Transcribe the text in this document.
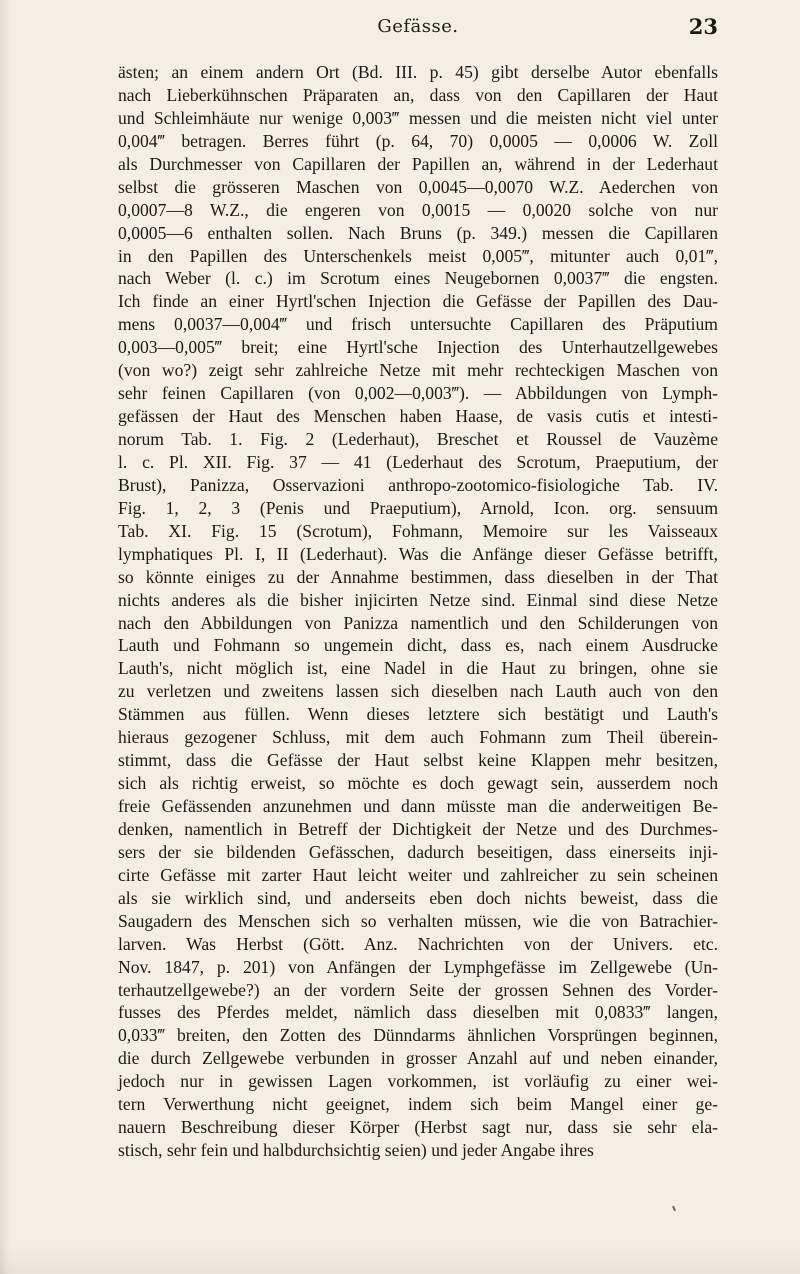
Gefässe.	23
ästen; an einem andern Ort (Bd. III. p. 45) gibt derselbe Autor ebenfalls
nach Lieberkühnschen Präparaten an, dass von den Capillaren der Haut
und Schleimhäute nur wenige 0,003‴ messen und die meisten nicht viel unter
0,004‴ betragen. Berres führt (p. 64, 70) 0,0005 — 0,0006 W. Zoll
als Durchmesser von Capillaren der Papillen an, während in der Lederhaut
selbst die grösseren Maschen von 0,0045—0,0070 W.Z. Aederchen von
0,0007—8 W.Z., die engeren von 0,0015 — 0,0020 solche von nur
0,0005—6 enthalten sollen. Nach Bruns (p. 349.) messen die Capillaren
in den Papillen des Unterschenkels meist 0,005‴, mitunter auch 0,01‴,
nach Weber (l. c.) im Scrotum eines Neugebornen 0,0037‴ die engsten.
Ich finde an einer Hyrtl'schen Injection die Gefässe der Papillen des Dau-
mens 0,0037—0,004‴ und frisch untersuchte Capillaren des Präputium
0,003—0,005‴ breit; eine Hyrtl'sche Injection des Unterhautzellgewebes
(von wo?) zeigt sehr zahlreiche Netze mit mehr rechteckigen Maschen von
sehr feinen Capillaren (von 0,002—0,003‴). — Abbildungen von Lymph-
gefässen der Haut des Menschen haben Haase, de vasis cutis et intesti-
norum Tab. 1. Fig. 2 (Lederhaut), Breschet et Roussel de Vauzème
l. c. Pl. XII. Fig. 37 — 41 (Lederhaut des Scrotum, Praeputium, der
Brust), Panizza, Osservazioni anthropo-zootomico-fisiologiche Tab. IV.
Fig. 1, 2, 3 (Penis und Praeputium), Arnold, Icon. org. sensuum
Tab. XI. Fig. 15 (Scrotum), Fohmann, Memoire sur les Vaisseaux
lymphatiques Pl. I, II (Lederhaut). Was die Anfänge dieser Gefässe betrifft,
so könnte einiges zu der Annahme bestimmen, dass dieselben in der That
nichts anderes als die bisher injicirten Netze sind. Einmal sind diese Netze
nach den Abbildungen von Panizza namentlich und den Schilderungen von
Lauth und Fohmann so ungemein dicht, dass es, nach einem Ausdrucke
Lauth's, nicht möglich ist, eine Nadel in die Haut zu bringen, ohne sie
zu verletzen und zweitens lassen sich dieselben nach Lauth auch von den
Stämmen aus füllen. Wenn dieses letztere sich bestätigt und Lauth's
hieraus gezogener Schluss, mit dem auch Fohmann zum Theil überein-
stimmt, dass die Gefässe der Haut selbst keine Klappen mehr besitzen,
sich als richtig erweist, so möchte es doch gewagt sein, ausserdem noch
freie Gefässenden anzunehmen und dann müsste man die anderweitigen Be-
denken, namentlich in Betreff der Dichtigkeit der Netze und des Durchmes-
sers der sie bildenden Gefässchen, dadurch beseitigen, dass einerseits inji-
cirte Gefässe mit zarter Haut leicht weiter und zahlreicher zu sein scheinen
als sie wirklich sind, und anderseits eben doch nichts beweist, dass die
Saugadern des Menschen sich so verhalten müssen, wie die von Batrachier-
larven. Was Herbst (Gött. Anz. Nachrichten von der Univers. etc.
Nov. 1847, p. 201) von Anfängen der Lymphgefässe im Zellgewebe (Un-
terhautzellgewebe?) an der vordern Seite der grossen Sehnen des Vorder-
fusses des Pferdes meldet, nämlich dass dieselben mit 0,0833‴ langen,
0,033‴ breiten, den Zotten des Dünndarms ähnlichen Vorsprüngen beginnen,
die durch Zellgewebe verbunden in grosser Anzahl auf und neben einander,
jedoch nur in gewissen Lagen vorkommen, ist vorläufig zu einer wei-
tern Verwerthung nicht geeignet, indem sich beim Mangel einer ge-
nauern Beschreibung dieser Körper (Herbst sagt nur, dass sie sehr ela-
stisch, sehr fein und halbdurchsichtig seien) und jeder Angabe ihres
